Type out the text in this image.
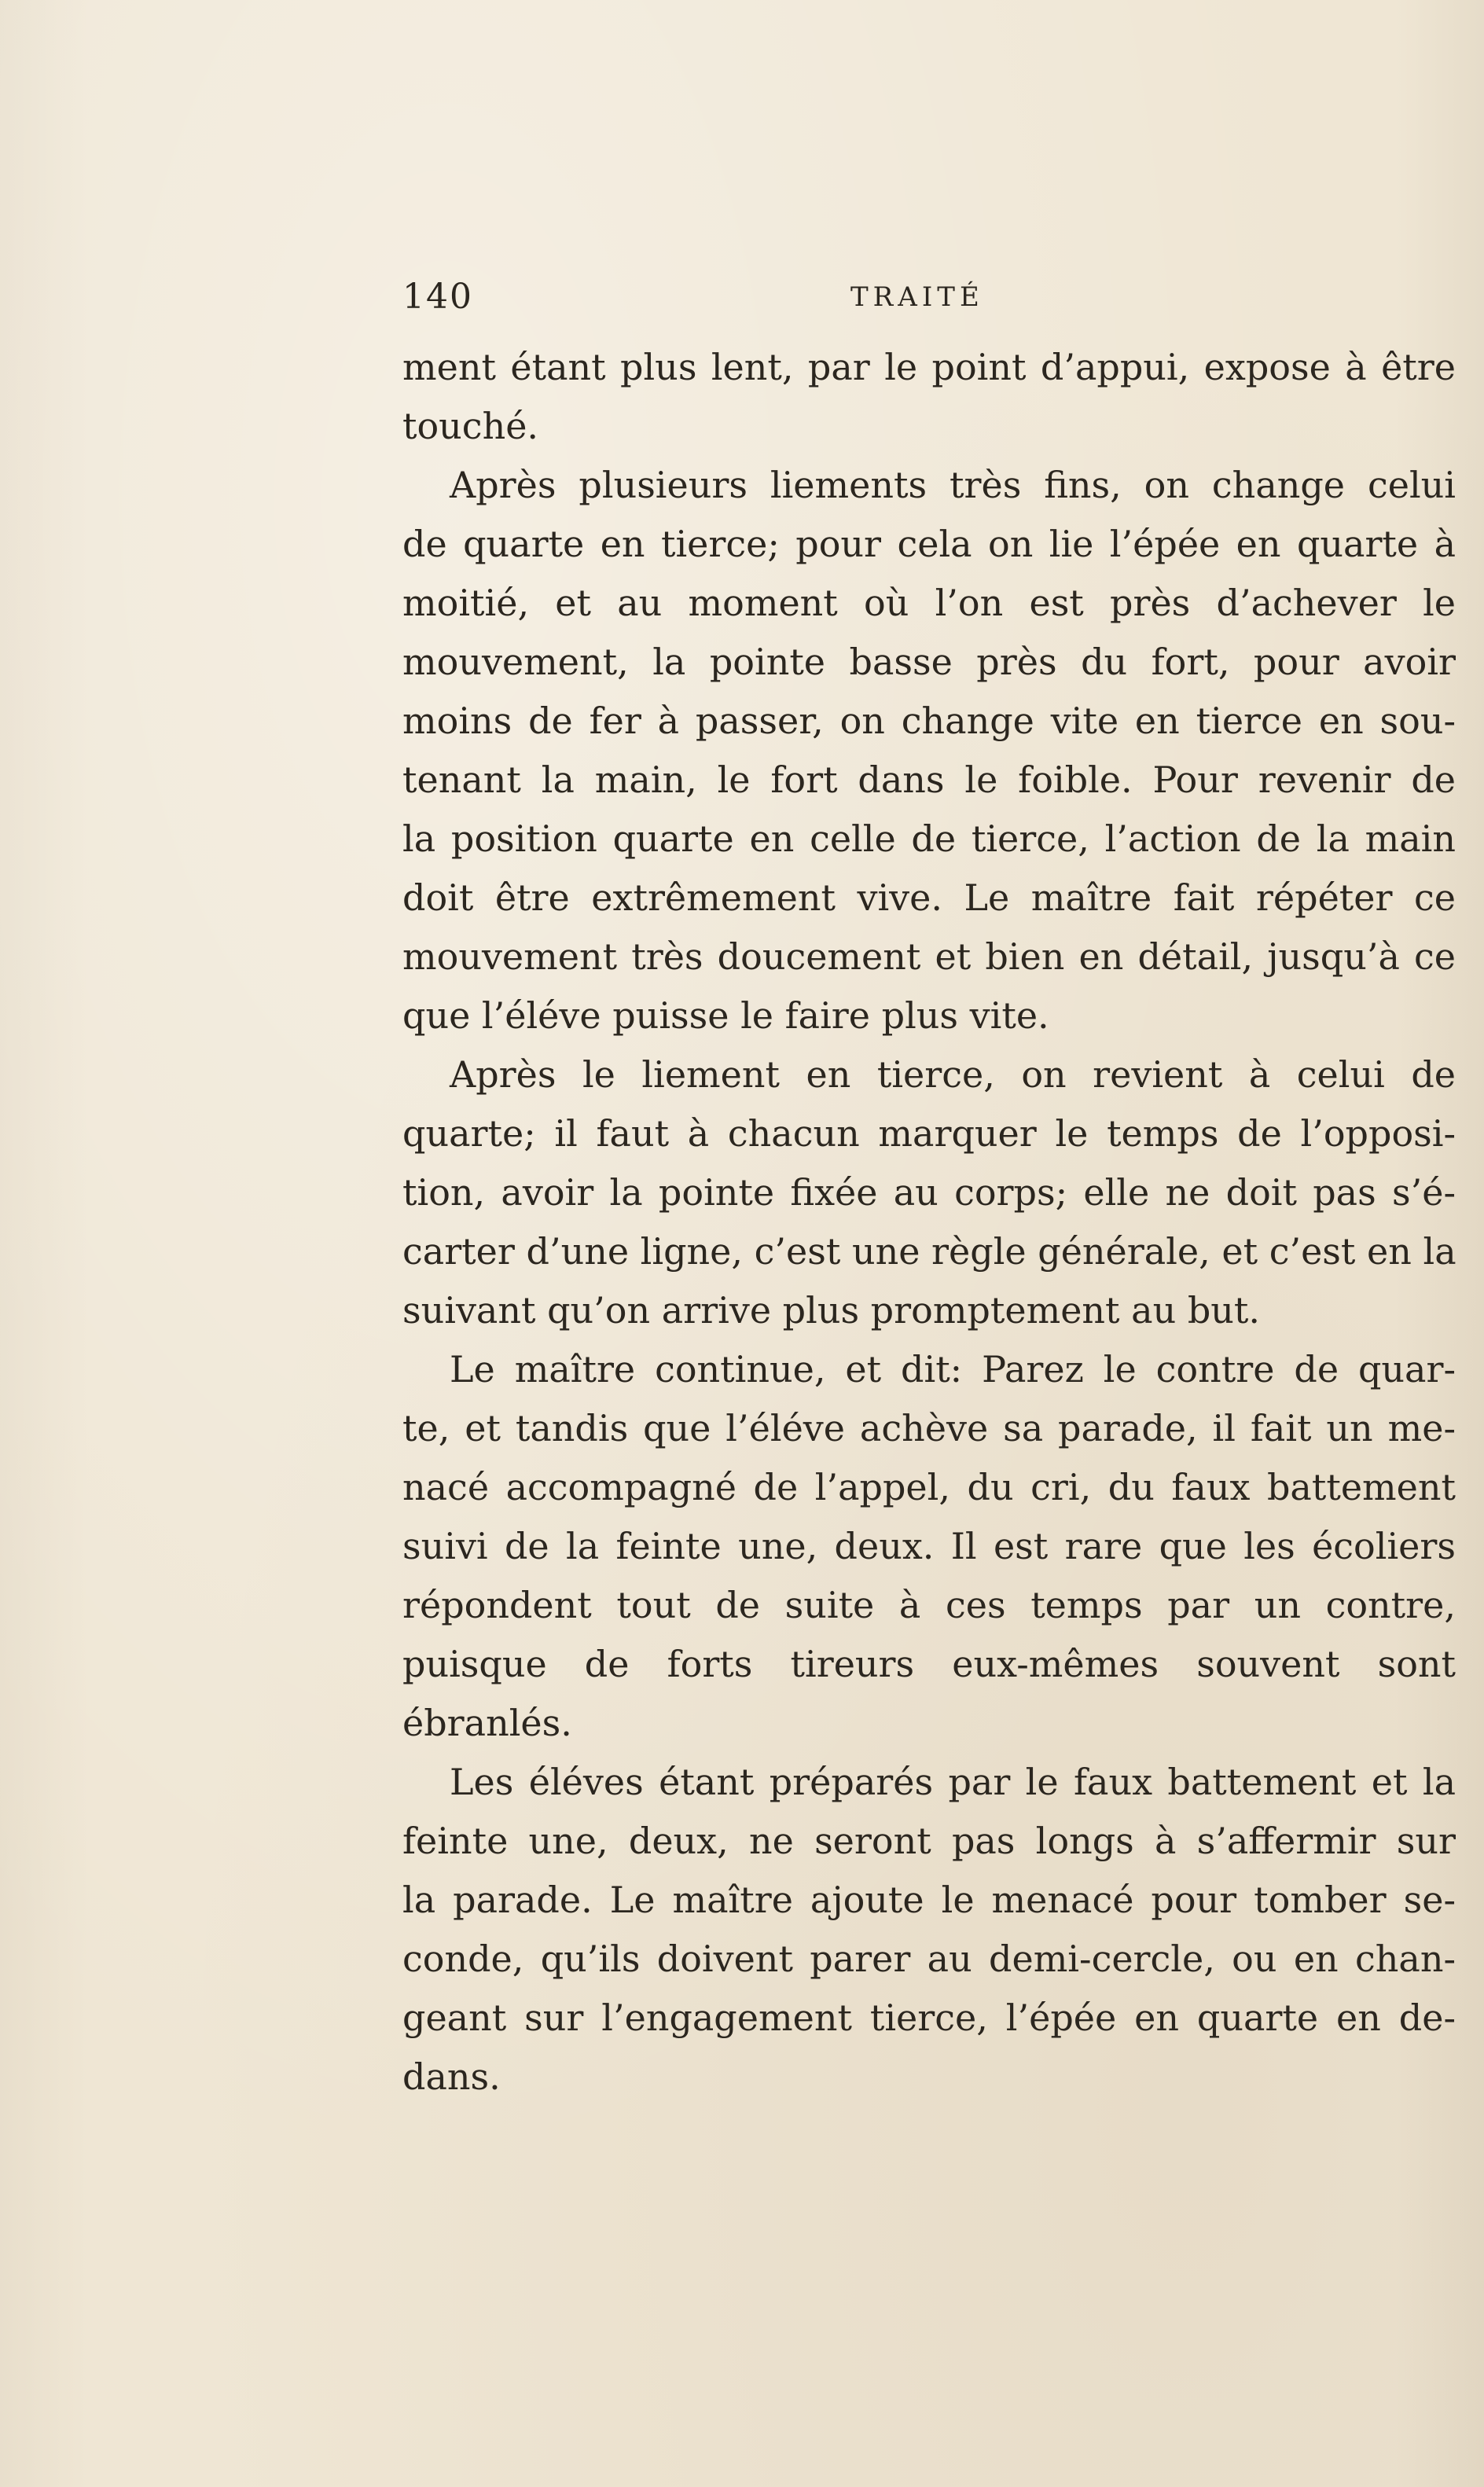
140	TRAITÉ
ment étant plus lent, par le point d’appui, expose à être
touché.
Après plusieurs liements très fins, on change celui
de quarte en tierce; pour cela on lie l’épée en quarte à
moitié, et au moment où l’on est près d’achever le
mouvement, la pointe basse près du fort, pour avoir
moins de fer à passer, on change vite en tierce en sou-
tenant la main, le fort dans le foible. Pour revenir de
la position quarte en celle de tierce, l’action de la main
doit être extrêmement vive. Le maître fait répéter ce
mouvement très doucement et bien en détail, jusqu’à ce
que l’éléve puisse le faire plus vite.
Après le liement en tierce, on revient à celui de
quarte; il faut à chacun marquer le temps de l’opposi-
tion, avoir la pointe fixée au corps; elle ne doit pas s’é-
carter d’une ligne, c’est une règle générale, et c’est en la
suivant qu’on arrive plus promptement au but.
Le maître continue, et dit: Parez le contre de quar-
te, et tandis que l’éléve achève sa parade, il fait un me-
nacé accompagné de l’appel, du cri, du faux battement
suivi de la feinte une, deux. Il est rare que les écoliers
répondent tout de suite à ces temps par un contre,
puisque de forts tireurs eux-mêmes souvent sont
ébranlés.
Les éléves étant préparés par le faux battement et la
feinte une, deux, ne seront pas longs à s’affermir sur
la parade. Le maître ajoute le menacé pour tomber se-
conde, qu’ils doivent parer au demi-cercle, ou en chan-
geant sur l’engagement tierce, l’épée en quarte en de-
dans.
